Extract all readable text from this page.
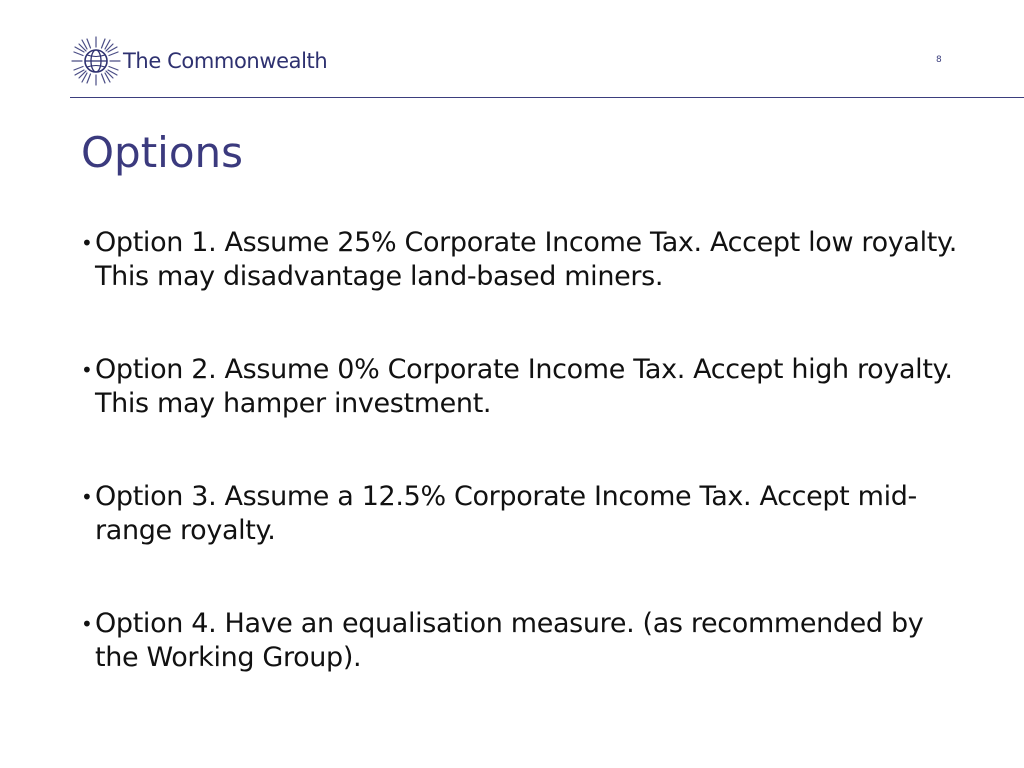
The Commonwealth	8
Options
• Option 1. Assume 25% Corporate Income Tax. Accept low royalty. This may disadvantage land-based miners.
• Option 2. Assume 0% Corporate Income Tax. Accept high royalty. This may hamper investment.
• Option 3. Assume a 12.5% Corporate Income Tax. Accept mid-range royalty.
• Option 4. Have an equalisation measure. (as recommended by the Working Group).
